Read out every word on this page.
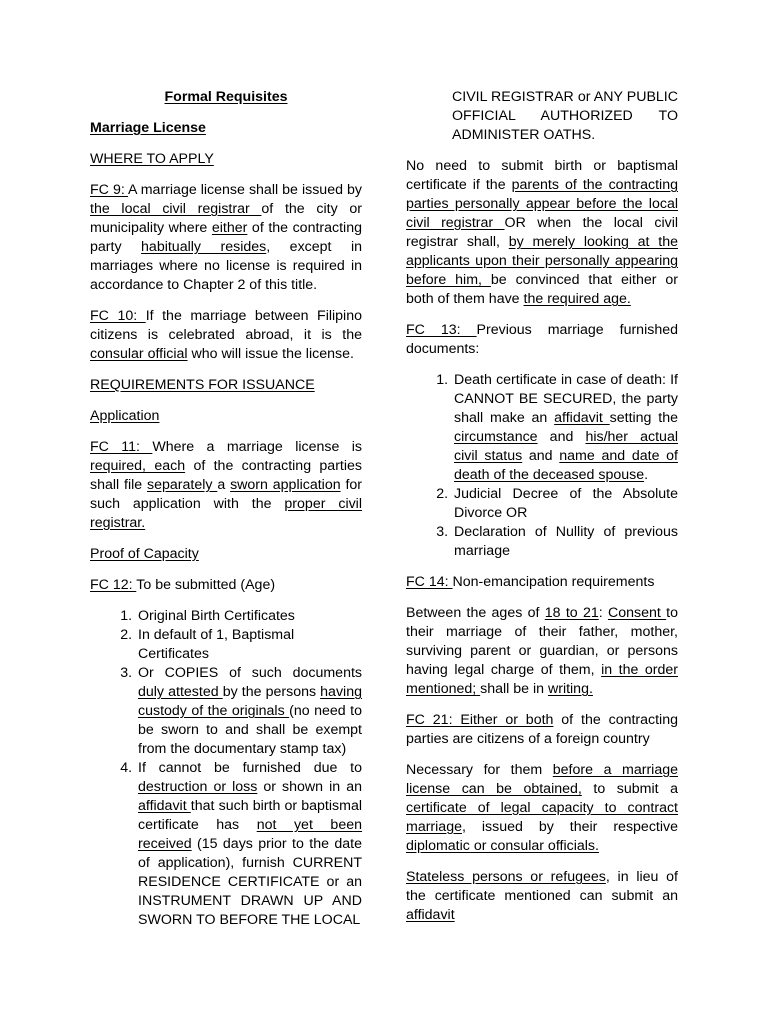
Formal Requisites

Marriage License

WHERE TO APPLY

FC 9: A marriage license shall be issued by the local civil registrar of the city or municipality where either of the contracting party habitually resides, except in marriages where no license is required in accordance to Chapter 2 of this title.

FC 10: If the marriage between Filipino citizens is celebrated abroad, it is the consular official who will issue the license.

REQUIREMENTS FOR ISSUANCE

Application

FC 11: Where a marriage license is required, each of the contracting parties shall file separately a sworn application for such application with the proper civil registrar.

Proof of Capacity

FC 12: To be submitted (Age)

1. Original Birth Certificates
2. In default of 1, Baptismal Certificates
3. Or COPIES of such documents duly attested by the persons having custody of the originals (no need to be sworn to and shall be exempt from the documentary stamp tax)
4. If cannot be furnished due to destruction or loss or shown in an affidavit that such birth or baptismal certificate has not yet been received (15 days prior to the date of application), furnish CURRENT RESIDENCE CERTIFICATE or an INSTRUMENT DRAWN UP AND SWORN TO BEFORE THE LOCAL

CIVIL REGISTRAR or ANY PUBLIC OFFICIAL AUTHORIZED TO ADMINISTER OATHS.

No need to submit birth or baptismal certificate if the parents of the contracting parties personally appear before the local civil registrar OR when the local civil registrar shall, by merely looking at the applicants upon their personally appearing before him, be convinced that either or both of them have the required age.

FC 13: Previous marriage furnished documents:

1. Death certificate in case of death: If CANNOT BE SECURED, the party shall make an affidavit setting the circumstance and his/her actual civil status and name and date of death of the deceased spouse.
2. Judicial Decree of the Absolute Divorce OR
3. Declaration of Nullity of previous marriage

FC 14: Non-emancipation requirements

Between the ages of 18 to 21: Consent to their marriage of their father, mother, surviving parent or guardian, or persons having legal charge of them, in the order mentioned; shall be in writing.

FC 21: Either or both of the contracting parties are citizens of a foreign country

Necessary for them before a marriage license can be obtained, to submit a certificate of legal capacity to contract marriage, issued by their respective diplomatic or consular officials.

Stateless persons or refugees, in lieu of the certificate mentioned can submit an affidavit
